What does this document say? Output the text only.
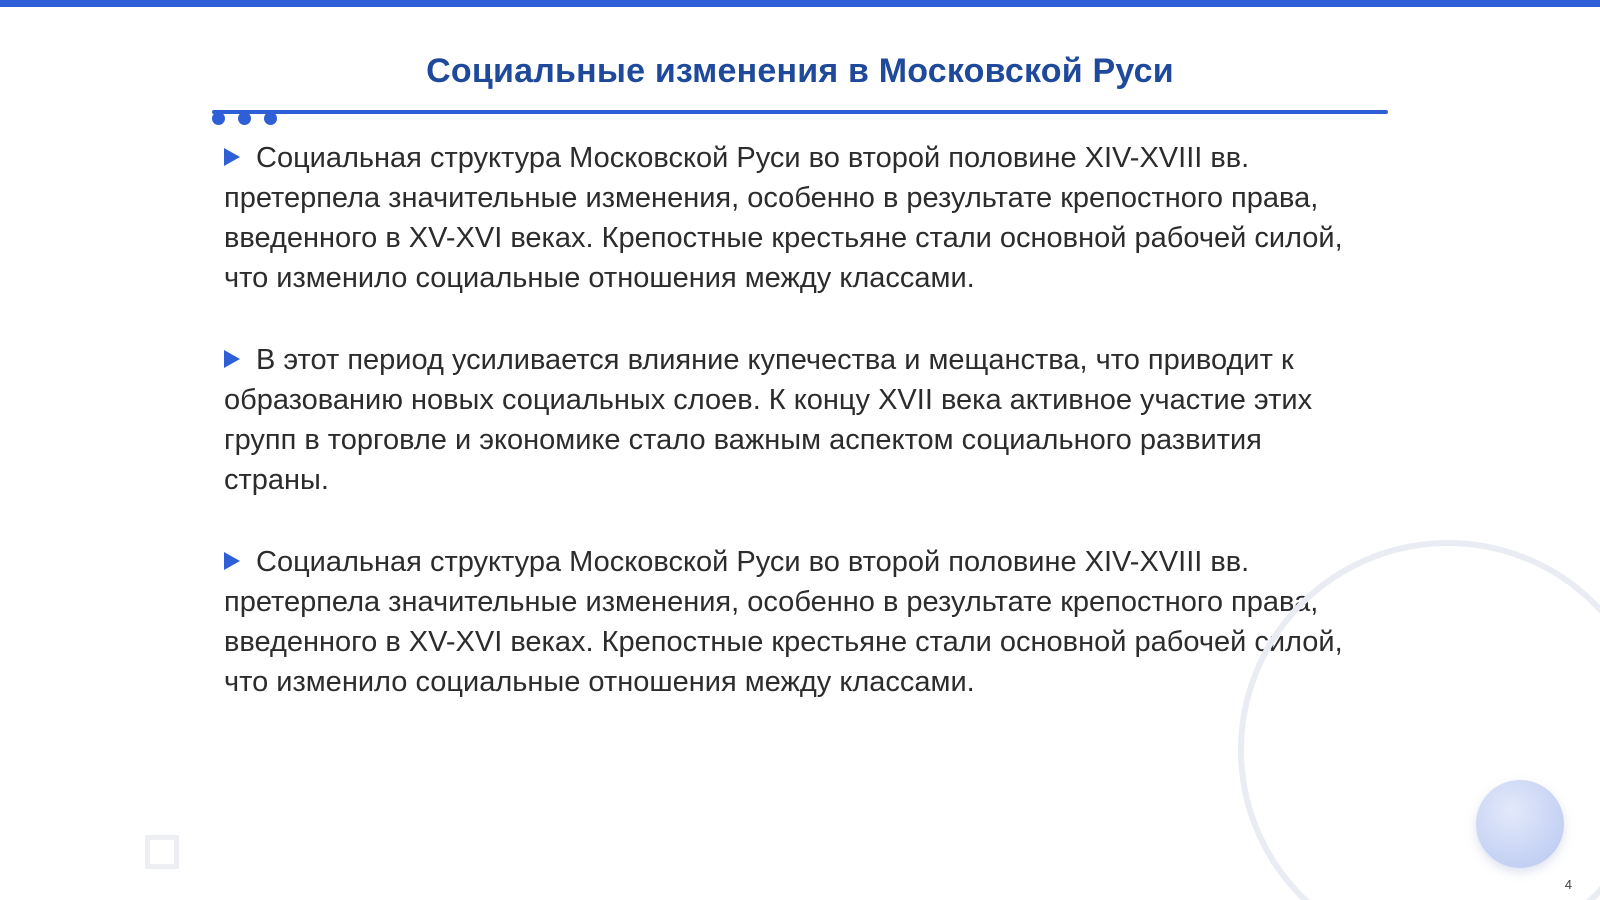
Социальные изменения в Московской Руси

Социальная структура Московской Руси во второй половине XIV-XVIII вв. претерпела значительные изменения, особенно в результате крепостного права, введенного в XV-XVI веках. Крепостные крестьяне стали основной рабочей силой, что изменило социальные отношения между классами.

В этот период усиливается влияние купечества и мещанства, что приводит к образованию новых социальных слоев. К концу XVII века активное участие этих групп в торговле и экономике стало важным аспектом социального развития страны.

Социальная структура Московской Руси во второй половине XIV-XVIII вв. претерпела значительные изменения, особенно в результате крепостного права, введенного в XV-XVI веках. Крепостные крестьяне стали основной рабочей силой, что изменило социальные отношения между классами.

4
